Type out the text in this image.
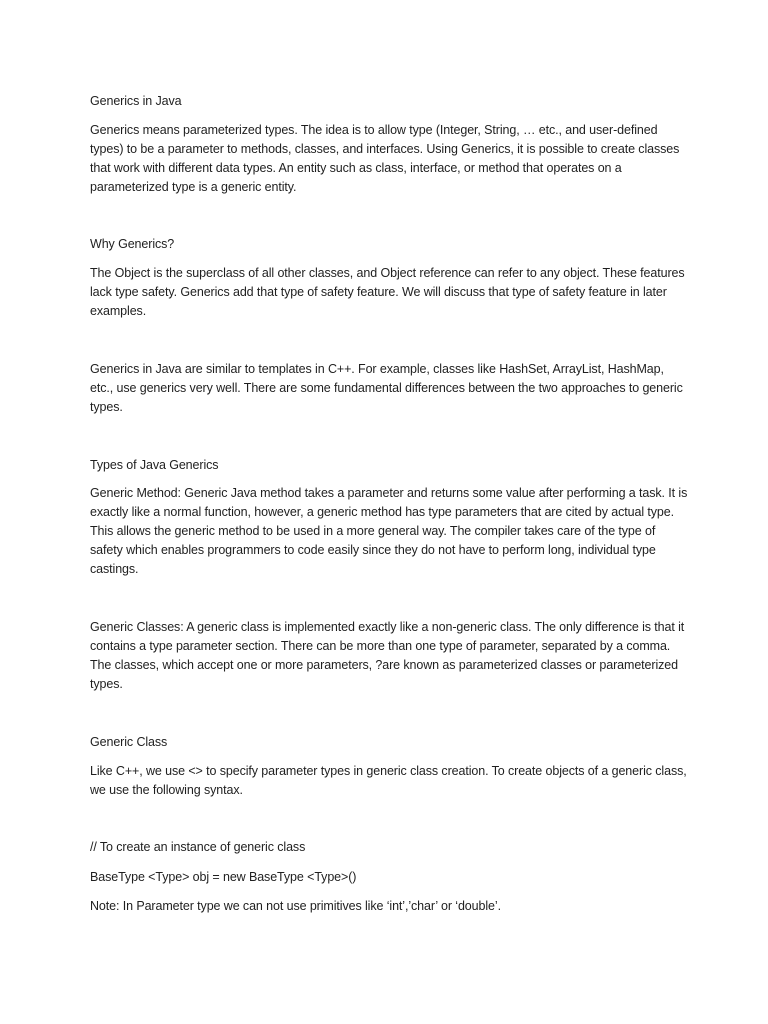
Generics in Java

Generics means parameterized types. The idea is to allow type (Integer, String, … etc., and user-defined types) to be a parameter to methods, classes, and interfaces. Using Generics, it is possible to create classes that work with different data types. An entity such as class, interface, or method that operates on a parameterized type is a generic entity.

Why Generics?

The Object is the superclass of all other classes, and Object reference can refer to any object. These features lack type safety. Generics add that type of safety feature. We will discuss that type of safety feature in later examples.

Generics in Java are similar to templates in C++. For example, classes like HashSet, ArrayList, HashMap, etc., use generics very well. There are some fundamental differences between the two approaches to generic types.

Types of Java Generics

Generic Method: Generic Java method takes a parameter and returns some value after performing a task. It is exactly like a normal function, however, a generic method has type parameters that are cited by actual type. This allows the generic method to be used in a more general way. The compiler takes care of the type of safety which enables programmers to code easily since they do not have to perform long, individual type castings.

Generic Classes: A generic class is implemented exactly like a non-generic class. The only difference is that it contains a type parameter section. There can be more than one type of parameter, separated by a comma. The classes, which accept one or more parameters, ?are known as parameterized classes or parameterized types.

Generic Class

Like C++, we use <> to specify parameter types in generic class creation. To create objects of a generic class, we use the following syntax.

// To create an instance of generic class

BaseType <Type> obj = new BaseType <Type>()

Note: In Parameter type we can not use primitives like ‘int’,’char’ or ‘double’.
